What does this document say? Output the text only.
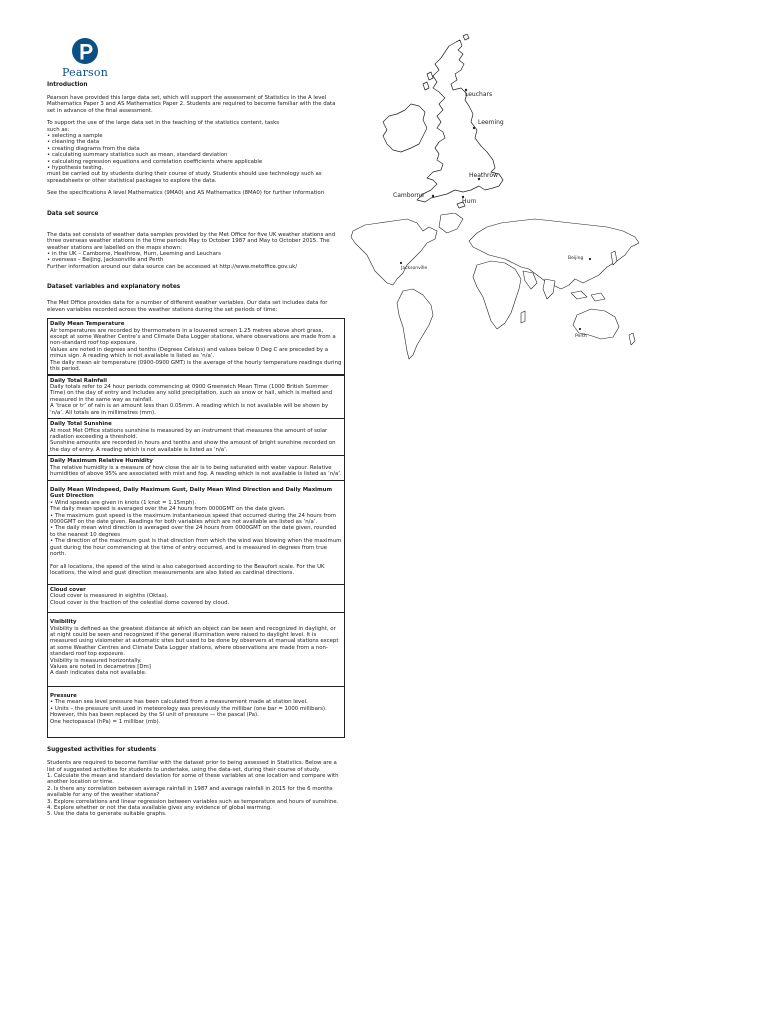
Pearson

Introduction

Pearson have provided this large data set, which will support the assessment of Statistics in the A level Mathematics Paper 3 and AS Mathematics Paper 2. Students are required to become familiar with the data set in advance of the final assessment.

To support the use of the large data set in the teaching of the statistics content, tasks
such as:
• selecting a sample
• cleaning the data
• creating diagrams from the data
• calculating summary statistics such as mean, standard deviation
• calculating regression equations and correlation coefficients where applicable
• hypothesis testing,
must be carried out by students during their course of study. Students should use technology such as spreadsheets or other statistical packages to explore the data.

See the specifications A level Mathematics (9MA0) and AS Mathematics (8MA0) for further information

Data set source

The data set consists of weather data samples provided by the Met Office for five UK weather stations and three overseas weather stations in the time periods May to October 1987 and May to October 2015. The weather stations are labelled on the maps shown:
• in the UK – Camborne, Heathrow, Hurn, Leeming and Leuchars
• overseas – Beijing, Jacksonville and Perth
Further information around our data source can be accessed at http://www.metoffice.gov.uk/

Dataset variables and explanatory notes

The Met Office provides data for a number of different weather variables. Our data set includes data for eleven variables recorded across the weather stations during the set periods of time:

Daily Mean Temperature

Air temperatures are recorded by thermometers in a louvered screen 1.25 metres above short grass, except at some Weather Centre’s and Climate Data Logger stations, where observations are made from a non-standard roof top exposure.
Values are noted in degrees and tenths (Degrees Celsius) and values below 0 Deg C are preceded by a minus sign. A reading which is not available is listed as ‘n/a’.
The daily mean air temperature (0900-0900 GMT) is the average of the hourly temperature readings during this period.

Daily Total Rainfall

Daily totals refer to 24 hour periods commencing at 0900 Greenwich Mean Time (1000 British Summer Time) on the day of entry and includes any solid precipitation, such as snow or hail, which is melted and measured in the same way as rainfall.
A ‘trace or tr’ of rain is an amount less than 0.05mm. A reading which is not available will be shown by ‘n/a’. All totals are in millimetres (mm).

Daily Total Sunshine

At most Met Office stations sunshine is measured by an instrument that measures the amount of solar radiation exceeding a threshold.
Sunshine amounts are recorded in hours and tenths and show the amount of bright sunshine recorded on the day of entry. A reading which is not available is listed as ‘n/a’.

Daily Maximum Relative Humidity

The relative humidity is a measure of how close the air is to being saturated with water vapour. Relative humidities of above 95% are associated with mist and fog. A reading which is not available is listed as ‘n/a’.

Daily Mean Windspeed, Daily Maximum Gust, Daily Mean Wind Direction and Daily Maximum Gust Direction

• Wind speeds are given in knots (1 knot = 1.15mph).
The daily mean speed is averaged over the 24 hours from 0000GMT on the date given.
• The maximum gust speed is the maximum instantaneous speed that occurred during the 24 hours from 0000GMT on the date given. Readings for both variables which are not available are listed as ‘n/a’.
• The daily mean wind direction is averaged over the 24 hours from 0000GMT on the date given, rounded to the nearest 10 degrees
• The direction of the maximum gust is that direction from which the wind was blowing when the maximum gust during the hour commencing at the time of entry occurred, and is measured in degrees from true north.

For all locations, the speed of the wind is also categorised according to the Beaufort scale. For the UK locations, the wind and gust direction measurements are also listed as cardinal directions.

Cloud cover

Cloud cover is measured in eighths (Oktas).
Cloud cover is the fraction of the celestial dome covered by cloud.

Visibility

Visibility is defined as the greatest distance at which an object can be seen and recognized in daylight, or at night could be seen and recognized if the general illumination were raised to daylight level. It is measured using visiometer at automatic sites but used to be done by observers at manual stations except at some Weather Centres and Climate Data Logger stations, where observations are made from a non-standard roof top exposure.
Visibility is measured horizontally.
Values are noted in decametres [Dm]
A dash indicates data not available.

Pressure

• The mean sea level pressure has been calculated from a measurement made at station level.
• Units – the pressure unit used in meteorology was previously the millibar (one bar = 1000 millibars). However, this has been replaced by the SI unit of pressure — the pascal (Pa).
One hectopascal (hPa) = 1 millibar (mb).

Suggested activities for students

Students are required to become familiar with the dataset prior to being assessed in Statistics. Below are a list of suggested activities for students to undertake, using the data-set, during their course of study.
1. Calculate the mean and standard deviation for some of these variables at one location and compare with another location or time.
2. Is there any correlation between average rainfall in 1987 and average rainfall in 2015 for the 6 months available for any of the weather stations?
3. Explore correlations and linear regression between variables such as temperature and hours of sunshine.
4. Explore whether or not the data available gives any evidence of global warming.
5. Use the data to generate suitable graphs.

Leuchars
Leeming
Heathrow
Camborne
Hurn
Beijing
Jacksonville
Perth
